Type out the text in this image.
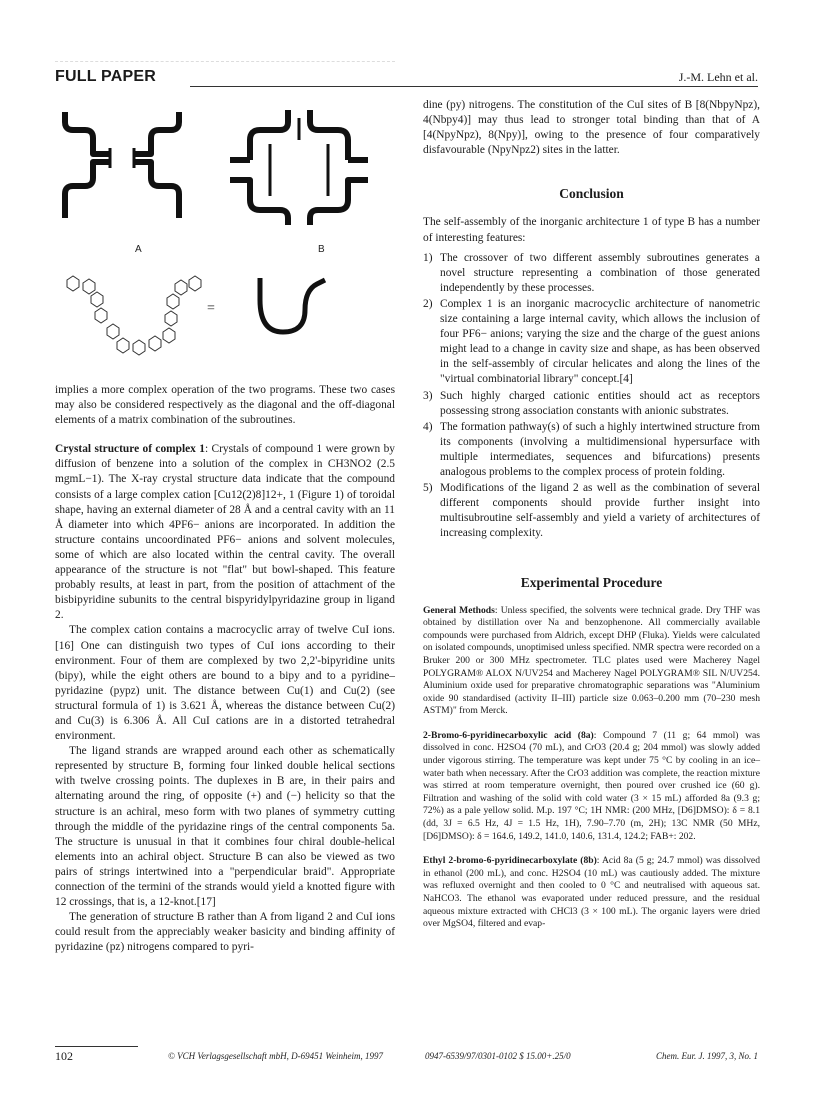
FULL PAPER	J.-M. Lehn et al.
A	B
=

implies a more complex operation of the two programs. These two cases may also be considered respectively as the diagonal and the off-diagonal elements of a matrix combination of the subroutines.

Crystal structure of complex 1: Crystals of compound 1 were grown by diffusion of benzene into a solution of the complex in CH3NO2 (2.5 mgmL−1). The X-ray crystal structure data indicate that the compound consists of a large complex cation [Cu12(2)8]12+, 1 (Figure 1) of toroidal shape, having an external diameter of 28 Å and a central cavity with an 11 Å diameter into which 4PF6− anions are incorporated. In addition the structure contains uncoordinated PF6− anions and solvent molecules, some of which are also located within the central cavity. The overall appearance of the structure is not "flat" but bowl-shaped. This feature probably results, at least in part, from the position of attachment of the bisbipyridine subunits to the central bispyridylpyridazine group in ligand 2.

The complex cation contains a macrocyclic array of twelve CuI ions.[16] One can distinguish two types of CuI ions according to their environment. Four of them are complexed by two 2,2'-bipyridine units (bipy), while the eight others are bound to a bipy and to a pyridine–pyridazine (pypz) unit. The distance between Cu(1) and Cu(2) (see structural formula of 1) is 3.621 Å, whereas the distance between Cu(2) and Cu(3) is 6.306 Å. All CuI cations are in a distorted tetrahedral environment.

The ligand strands are wrapped around each other as schematically represented by structure B, forming four linked double helical sections with twelve crossing points. The duplexes in B are, in their pairs and alternating around the ring, of opposite (+) and (−) helicity so that the structure is an achiral, meso form with two planes of symmetry cutting through the middle of the pyridazine rings of the central components 5a. The structure is unusual in that it combines four chiral double-helical elements into an achiral object. Structure B can also be viewed as two pairs of strings intertwined into a "perpendicular braid". Appropriate connection of the termini of the strands would yield a knotted figure with 12 crossings, that is, a 12-knot.[17]

The generation of structure B rather than A from ligand 2 and CuI ions could result from the appreciably weaker basicity and binding affinity of pyridazine (pz) nitrogens compared to pyri-

dine (py) nitrogens. The constitution of the CuI sites of B [8(NbpyNpz), 4(Nbpy4)] may thus lead to stronger total binding than that of A [4(NpyNpz), 8(Npy)], owing to the presence of four comparatively disfavourable (NpyNpz2) sites in the latter.

Conclusion

The self-assembly of the inorganic architecture 1 of type B has a number of interesting features:

1) The crossover of two different assembly subroutines generates a novel structure representing a combination of those generated independently by these processes.
2) Complex 1 is an inorganic macrocyclic architecture of nanometric size containing a large internal cavity, which allows the inclusion of four PF6− anions; varying the size and the charge of the guest anions might lead to a change in cavity size and shape, as has been observed in the self-assembly of circular helicates and along the lines of the "virtual combinatorial library" concept.[4]
3) Such highly charged cationic entities should act as receptors possessing strong association constants with anionic substrates.
4) The formation pathway(s) of such a highly intertwined structure from its components (involving a multidimensional hypersurface with multiple intermediates, sequences and bifurcations) presents analogous problems to the complex process of protein folding.
5) Modifications of the ligand 2 as well as the combination of several different components should provide further insight into multisubroutine self-assembly and yield a variety of architectures of increasing complexity.
Experimental Procedure

General Methods: Unless specified, the solvents were technical grade. Dry THF was obtained by distillation over Na and benzophenone. All commercially available compounds were purchased from Aldrich, except DHP (Fluka). Yields were calculated on isolated compounds, unoptimised unless specified. NMR spectra were recorded on a Bruker 200 or 300 MHz spectrometer. TLC plates used were Macherey Nagel POLYGRAM® ALOX N/UV254 and Macherey Nagel POLYGRAM® SIL N/UV254. Aluminium oxide used for preparative chromatographic separations was "Aluminium oxide 90 standardised (activity II–III) particle size 0.063–0.200 mm (70–230 mesh ASTM)" from Merck.

2-Bromo-6-pyridinecarboxylic acid (8a): Compound 7 (11 g; 64 mmol) was dissolved in conc. H2SO4 (70 mL), and CrO3 (20.4 g; 204 mmol) was slowly added under vigorous stirring. The temperature was kept under 75 °C by cooling in an ice–water bath when necessary. After the CrO3 addition was complete, the reaction mixture was stirred at room temperature overnight, then poured over crushed ice (60 g). Filtration and washing of the solid with cold water (3 × 15 mL) afforded 8a (9.3 g; 72%) as a pale yellow solid. M.p. 197 °C; 1H NMR: (200 MHz, [D6]DMSO): δ = 8.1 (dd, 3J = 6.5 Hz, 4J = 1.5 Hz, 1H), 7.90–7.70 (m, 2H); 13C NMR (50 MHz, [D6]DMSO): δ = 164.6, 149.2, 141.0, 140.6, 131.4, 124.2; FAB+: 202.

Ethyl 2-bromo-6-pyridinecarboxylate (8b): Acid 8a (5 g; 24.7 mmol) was dissolved in ethanol (200 mL), and conc. H2SO4 (10 mL) was cautiously added. The mixture was refluxed overnight and then cooled to 0 °C and neutralised with aqueous sat. NaHCO3. The ethanol was evaporated under reduced pressure, and the residual aqueous mixture extracted with CHCl3 (3 × 100 mL). The organic layers were dried over MgSO4, filtered and evap-

102	© VCH Verlagsgesellschaft mbH, D-69451 Weinheim, 1997	0947-6539/97/0301-0102 $ 15.00+.25/0	Chem. Eur. J. 1997, 3, No. 1
